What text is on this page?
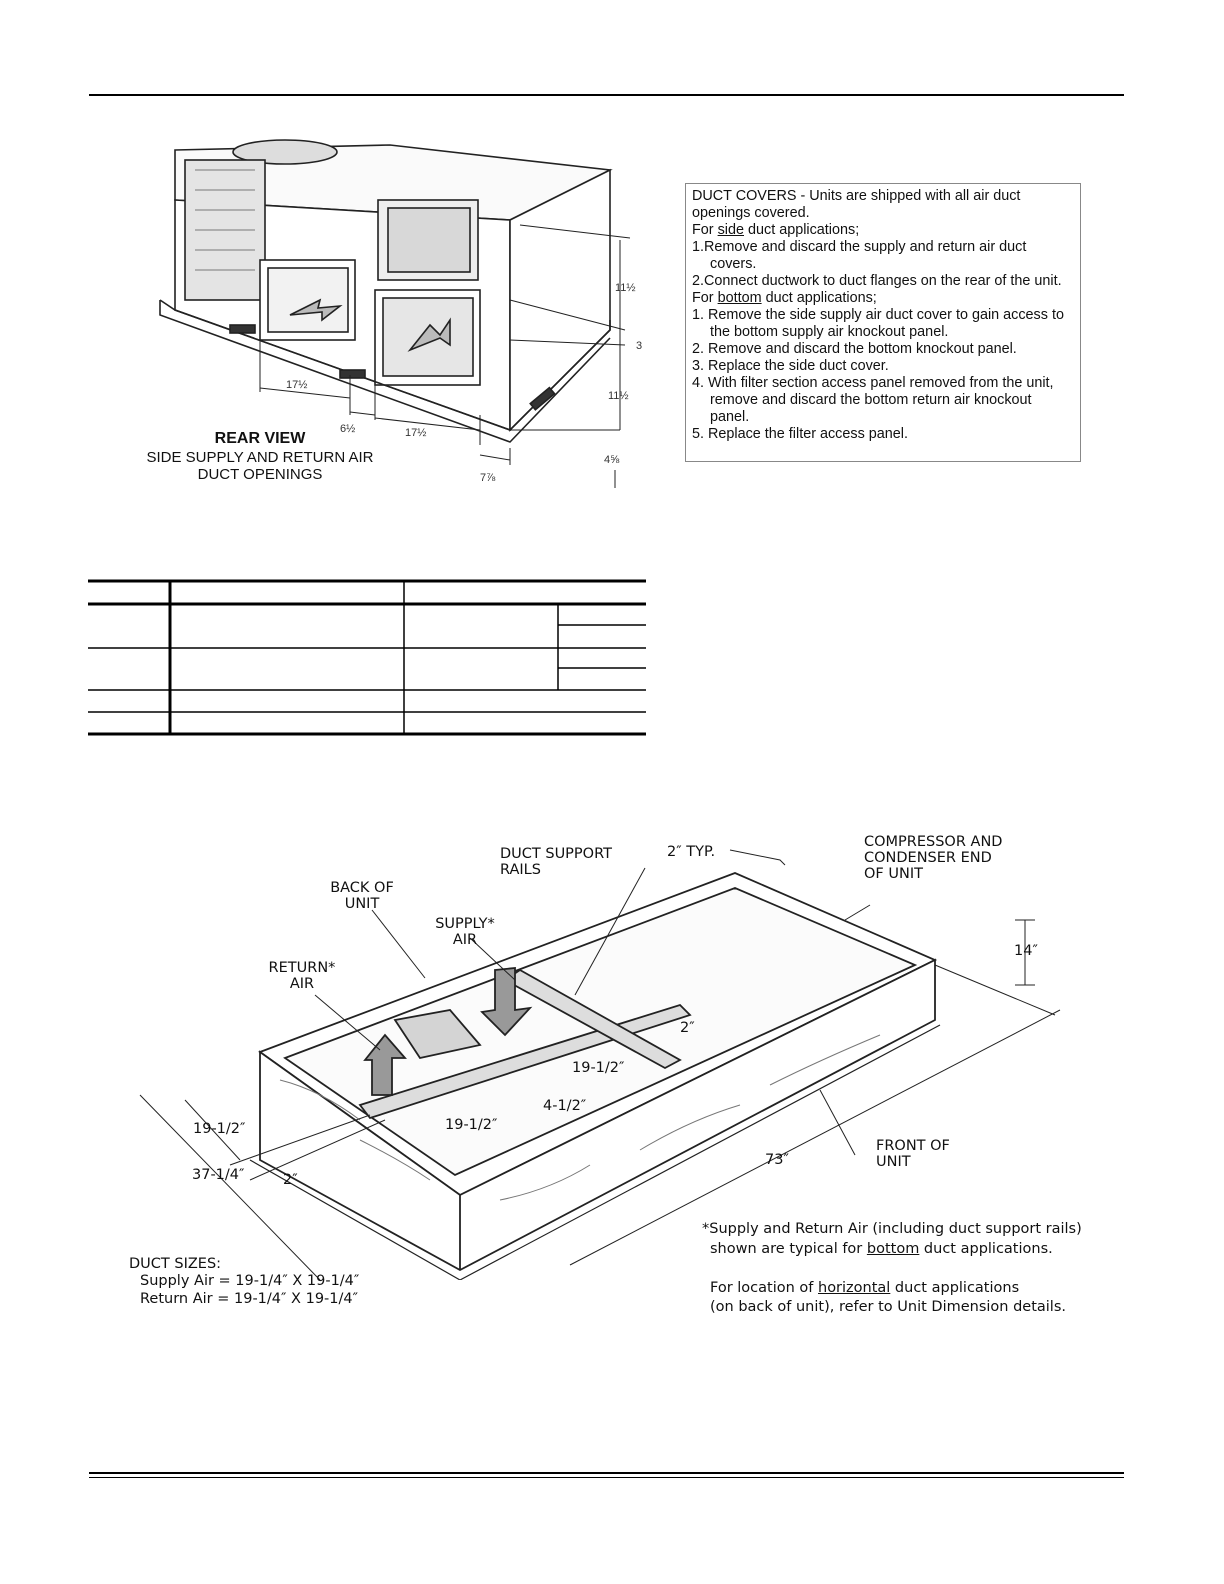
17½
6½	17½
11½
3
11½
4⅝
7⅞
REAR VIEW
SIDE SUPPLY AND RETURN AIR
DUCT OPENINGS

DUCT COVERS - Units are shipped with all air duct openings covered.

For side duct applications;

1.Remove and discard the supply and return air duct covers.

2.Connect ductwork to duct flanges on the rear of the unit.

For bottom duct applications;

1. Remove the side supply air duct cover to gain access to the bottom supply air knockout panel.

2. Remove and discard the bottom knockout panel.

3. Replace the side duct cover.

4. With filter section access panel removed from the unit, remove and discard the bottom return air knockout panel.

5. Replace the filter access panel.

DUCT SUPPORT RAILS
2″ TYP.
COMPRESSOR AND CONDENSER END OF UNIT
BACK OF UNIT
SUPPLY* AIR
RETURN* AIR
14″
2″
19-1/2″
4-1/2″
19-1/2″
19-1/2″
37-1/4″	2″
73″
FRONT OF UNIT
DUCT SIZES:
Supply Air = 19-1/4″ X 19-1/4″
Return Air = 19-1/4″ X 19-1/4″
*Supply and Return Air (including duct support rails)
shown are typical for bottom duct applications.
For location of horizontal duct applications
(on back of unit), refer to Unit Dimension details.
